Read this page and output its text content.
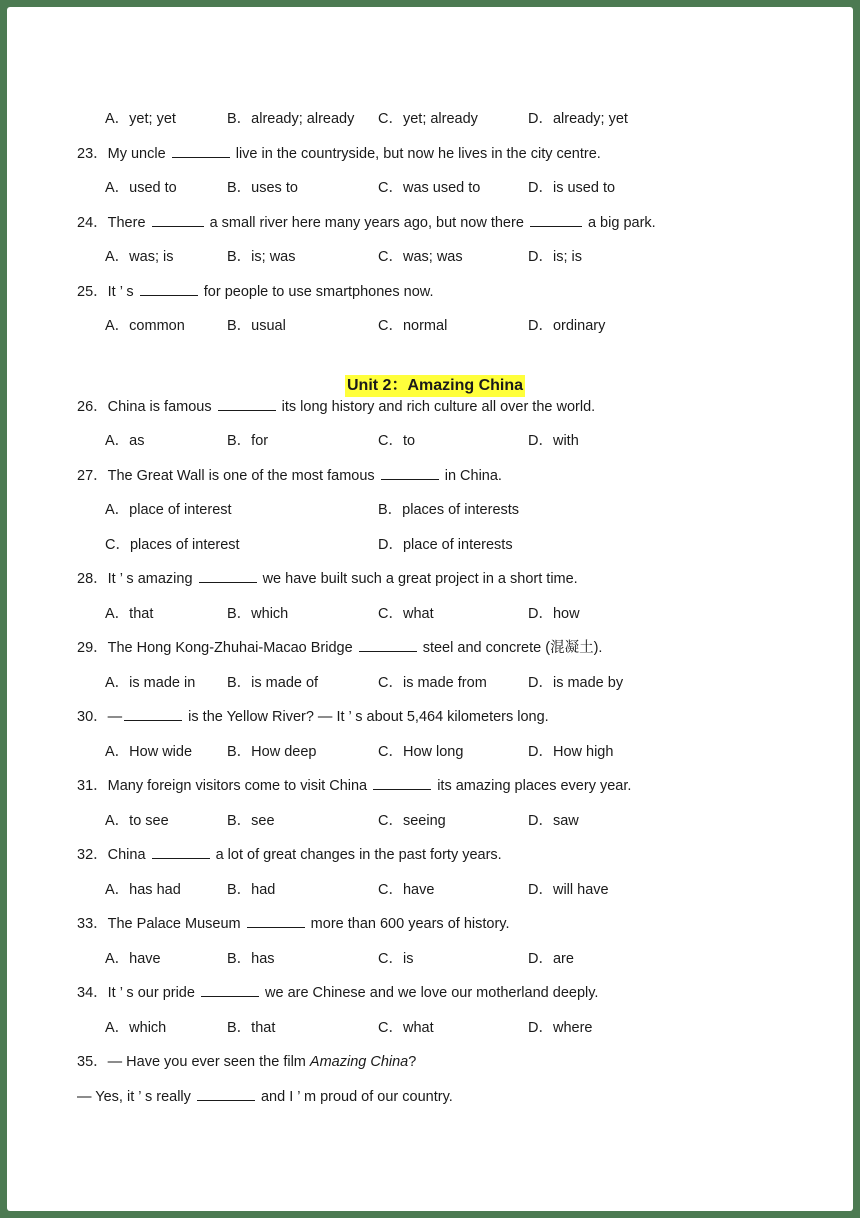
A．yet; yet	B．already; already C．yet; already	D．already; yet
23．My uncle	live in the countryside, but now he lives in the city centre.
A．used to	B．uses to	C．was used to	D．is used to
24．There	a small river here many years ago, but now there	a big park.
A．was; is	B．is; was	C．was; was	D．is; is
25．It ’ s	for people to use smartphones now.
A．common	B．usual	C．normal	D．ordinary
Unit 2：Amazing China
26．China is famous	its long history and rich culture all over the world.
A．as	B．for	C．to	D．with
27．The Great Wall is one of the most famous	in China.
A．place of interest	B．places of interests
C．places of interest	D．place of interests
28．It ’ s amazing	we have built such a great project in a short time.
A．that	B．which	C．what	D．how
29．The Hong Kong-Zhuhai-Macao Bridge	steel and concrete (混凝土).
A．is made in B．is made of	C．is made from	D．is made by
30．—	is the Yellow River? — It ’ s about 5,464 kilometers long.
A．How wide B．How deep	C．How long	D．How high
31．Many foreign visitors come to visit China	its amazing places every year.
A．to see	B．see	C．seeing	D．saw
32．China	a lot of great changes in the past forty years.
A．has had	B．had	C．have	D．will have
33．The Palace Museum	more than 600 years of history.
A．have	B．has	C．is	D．are
34．It ’ s our pride	we are Chinese and we love our motherland deeply.
A．which	B．that	C．what	D．where
35．— Have you ever seen the film Amazing China?
— Yes, it ’ s really	and I ’ m proud of our country.
